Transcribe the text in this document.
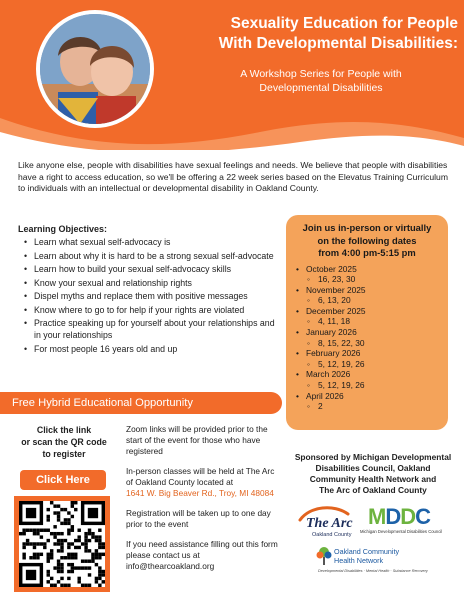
Sexuality Education for People
With Developmental Disabilities:
A Workshop Series for People with
Developmental Disabilities

Like anyone else, people with disabilities have sexual feelings and needs. We believe that people with disabilities have a right to access education, so we'll be offering a 22 week series based on the Elevatus Training Curriculum to individuals with an intellectual or developmental disability in Oakland County.

Learning Objectives:
• Learn what sexual self-advocacy is
• Learn about why it is hard to be a strong sexual self-advocate
• Learn how to build your sexual self-advocacy skills
• Know your sexual and relationship rights
• Dispel myths and replace them with positive messages
• Know where to go to for help if your rights are violated
• Practice speaking up for yourself about your relationships and in your relationships
• For most people 16 years old and up
Join us in-person or virtually
on the following dates
from 4:00 pm-5:15 pm
• October 2025
◦ 16, 23, 30
• November 2025
◦ 6, 13, 20
• December 2025
◦ 4, 11, 18
• January 2026
◦ 8, 15, 22, 30
• February 2026
◦ 5, 12, 19, 26
• March 2026
◦ 5, 12, 19, 26
• April 2026
◦ 2
Free Hybrid Educational Opportunity
Click the link
or scan the QR code
to register
Click Here

Zoom links will be provided prior to the start of the event for those who have registered

In-person classes will be held at The Arc of Oakland County located at
1641 W. Big Beaver Rd., Troy, MI 48084

Registration will be taken up to one day prior to the event

If you need assistance filling out this form please contact us at info@thearcoakland.org

Sponsored by Michigan Developmental
Disabilities Council, Oakland
Community Health Network and
The Arc of Oakland County
The Arc
Oakland County
MDDC
Michigan Developmental Disabilities Council
Oakland Community
Health Network
Developmental Disabilities · Mental Health · Substance Recovery
